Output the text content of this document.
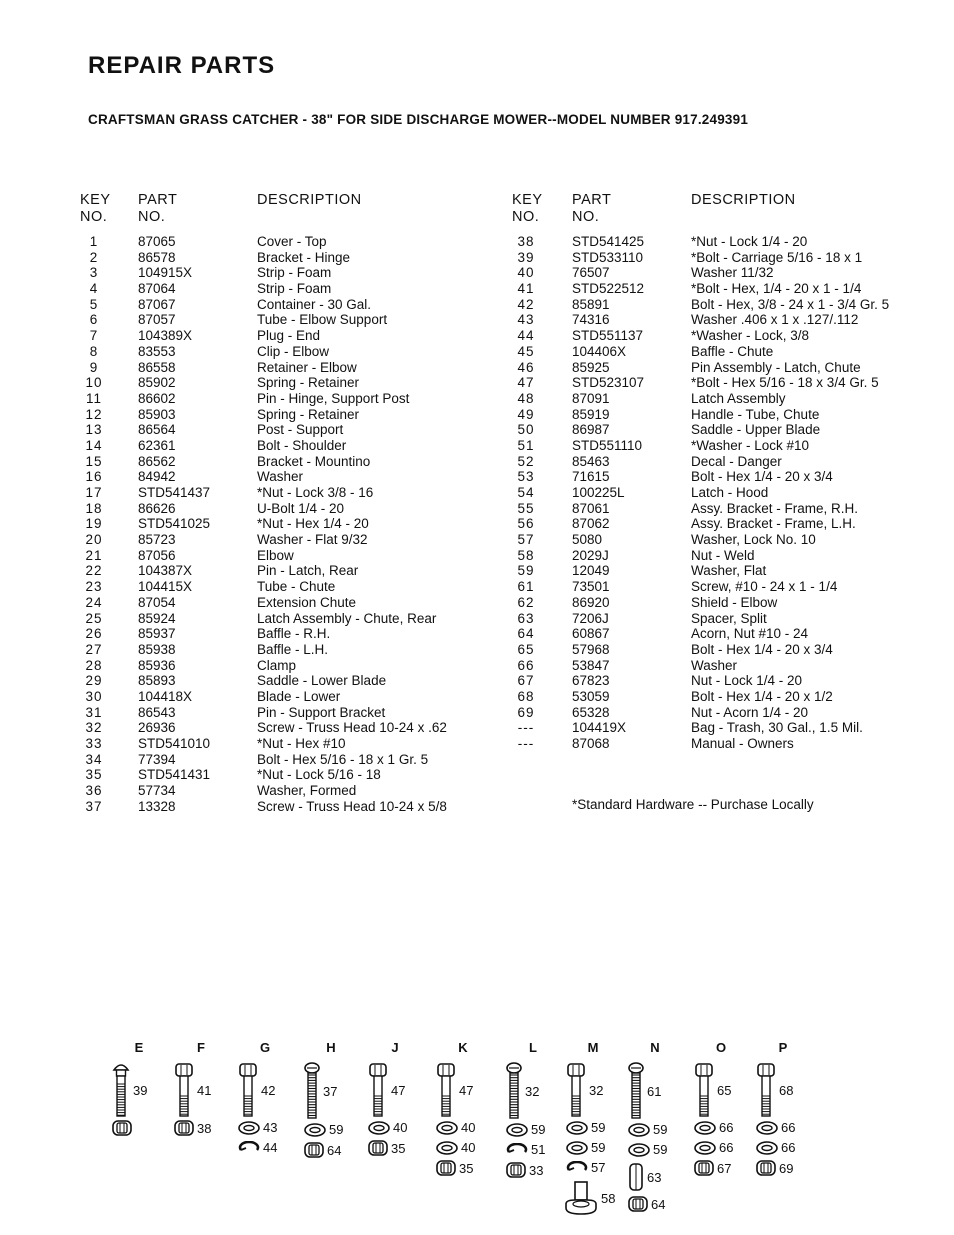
REPAIR PARTS
CRAFTSMAN GRASS CATCHER - 38" FOR SIDE DISCHARGE MOWER--MODEL NUMBER 917.249391
KEY
NO.
PART
NO.
DESCRIPTION
1	87065	Cover - Top
2	86578	Bracket - Hinge
3	104915X	Strip - Foam
4	87064	Strip - Foam
5	87067	Container - 30 Gal.
6	87057	Tube - Elbow Support
7	104389X	Plug - End
8	83553	Clip - Elbow
9	86558	Retainer - Elbow
10	85902	Spring - Retainer
11	86602	Pin - Hinge, Support Post
12	85903	Spring - Retainer
13	86564	Post - Support
14	62361	Bolt - Shoulder
15	86562	Bracket - Mountino
16	84942	Washer
17	STD541437	*Nut - Lock 3/8 - 16
18	86626	U-Bolt 1/4 - 20
19	STD541025	*Nut - Hex 1/4 - 20
20	85723	Washer - Flat 9/32
21	87056	Elbow
22	104387X	Pin - Latch, Rear
23	104415X	Tube - Chute
24	87054	Extension Chute
25	85924	Latch Assembly - Chute, Rear
26	85937	Baffle - R.H.
27	85938	Baffle - L.H.
28	85936	Clamp
29	85893	Saddle - Lower Blade
30	104418X	Blade - Lower
31	86543	Pin - Support Bracket
32	26936	Screw - Truss Head 10-24 x .62
33	STD541010	*Nut - Hex #10
34	77394	Bolt - Hex 5/16 - 18 x 1 Gr. 5
35	STD541431	*Nut - Lock 5/16 - 18
36	57734	Washer, Formed
37	13328	Screw - Truss Head 10-24 x 5/8
KEY
NO.
PART
NO.
DESCRIPTION
38	STD541425	*Nut - Lock 1/4 - 20
39	STD533110	*Bolt - Carriage 5/16 - 18 x 1
40	76507	Washer 11/32
41	STD522512	*Bolt - Hex, 1/4 - 20 x 1 - 1/4
42	85891	Bolt - Hex, 3/8 - 24 x 1 - 3/4 Gr. 5
43	74316	Washer .406 x 1 x .127/.112
44	STD551137	*Washer - Lock, 3/8
45	104406X	Baffle - Chute
46	85925	Pin Assembly - Latch, Chute
47	STD523107	*Bolt - Hex 5/16 - 18 x 3/4 Gr. 5
48	87091	Latch Assembly
49	85919	Handle - Tube, Chute
50	86987	Saddle - Upper Blade
51	STD551110	*Washer - Lock #10
52	85463	Decal - Danger
53	71615	Bolt - Hex 1/4 - 20 x 3/4
54	100225L	Latch - Hood
55	87061	Assy. Bracket - Frame, R.H.
56	87062	Assy. Bracket - Frame, L.H.
57	5080	Washer, Lock No. 10
58	2029J	Nut - Weld
59	12049	Washer, Flat
61	73501	Screw, #10 - 24 x 1 - 1/4
62	86920	Shield - Elbow
63	7206J	Spacer, Split
64	60867	Acorn, Nut #10 - 24
65	57968	Bolt - Hex 1/4 - 20 x 3/4
66	53847	Washer
67	67823	Nut - Lock 1/4 - 20
68	53059	Bolt - Hex 1/4 - 20 x 1/2
69	65328	Nut - Acorn 1/4 - 20
---	104419X	Bag - Trash, 30 Gal., 1.5 Mil.
---	87068	Manual - Owners
*Standard Hardware -- Purchase Locally
E
39
F
41
38
G
42
43
44
H
37
59
64
J
47
40
35
K
47
40
40
35
L
32
59
51
33
M
32
59
59
57
58
N
61
59
59
63
64
O
65
66
66
67
P
68
66
66
69
